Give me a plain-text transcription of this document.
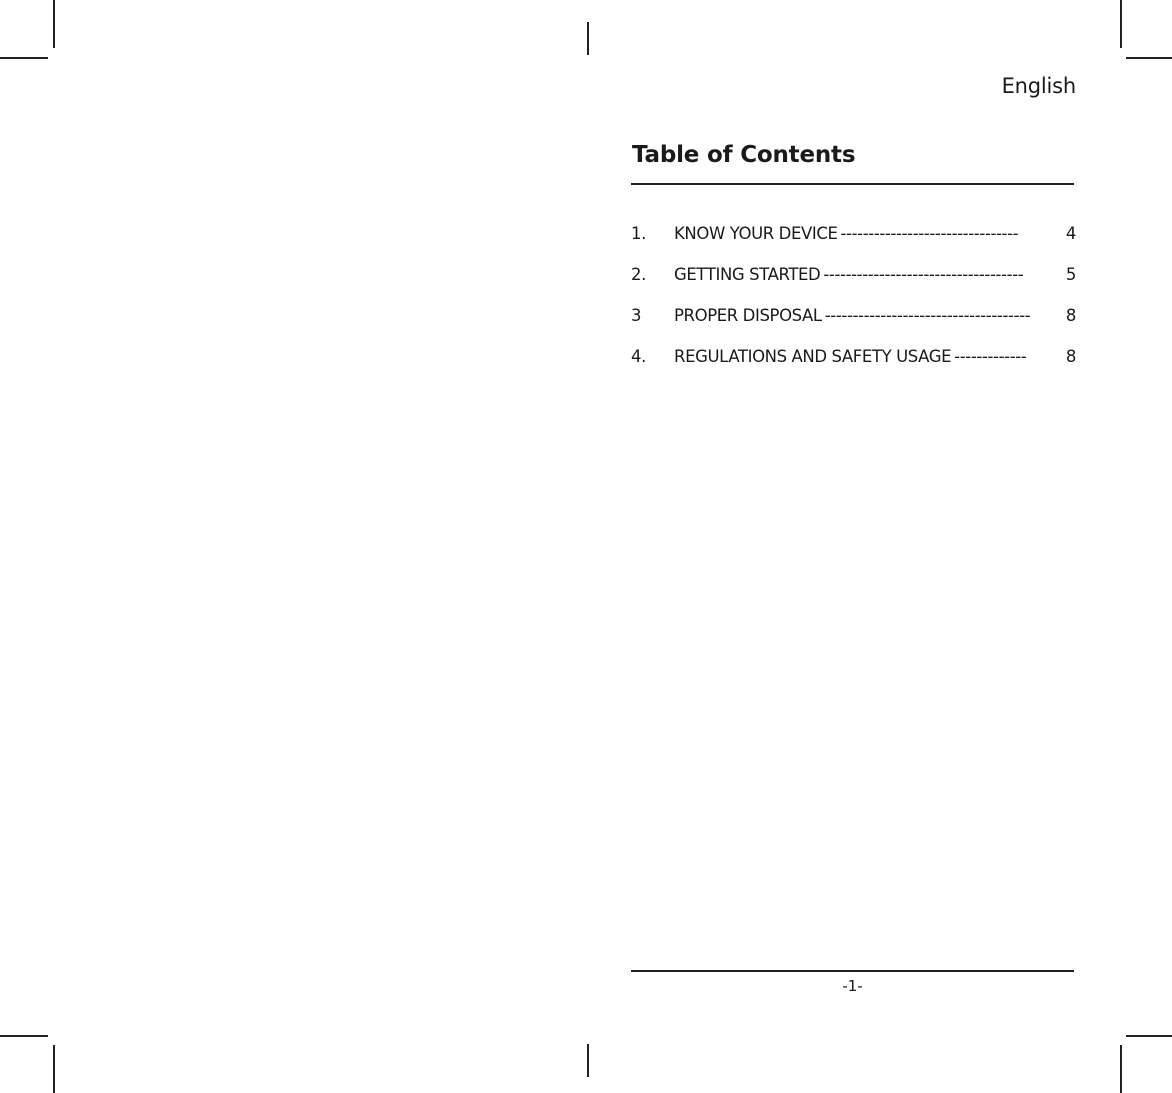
English
Table of Contents
1.	KNOW YOUR DEVICE --------------------------------	4
2.	GETTING STARTED ------------------------------------	5
3	PROPER DISPOSAL -------------------------------------	8
4.	REGULATIONS AND SAFETY USAGE -------------	8
-1-
